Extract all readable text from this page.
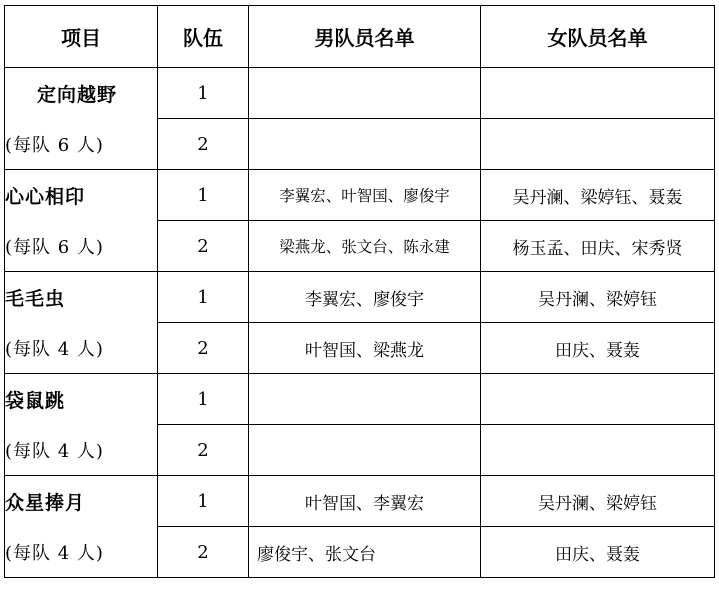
项目	队伍	男队员名单	女队员名单

定向越野	1		
(每队 6 人)	2		
心心相印	1	李翼宏、叶智国、廖俊宇	吴丹澜、梁婷钰、聂轰
(每队 6 人)	2	梁燕龙、张文台、陈永建	杨玉孟、田庆、宋秀贤
毛毛虫	1	李翼宏、廖俊宇	吴丹澜、梁婷钰
(每队 4 人)	2	叶智国、梁燕龙	田庆、聂轰
袋鼠跳	1		
(每队 4 人)	2		
众星捧月	1	叶智国、李翼宏	吴丹澜、梁婷钰
(每队 4 人)	2	廖俊宇、张文台	田庆、聂轰
